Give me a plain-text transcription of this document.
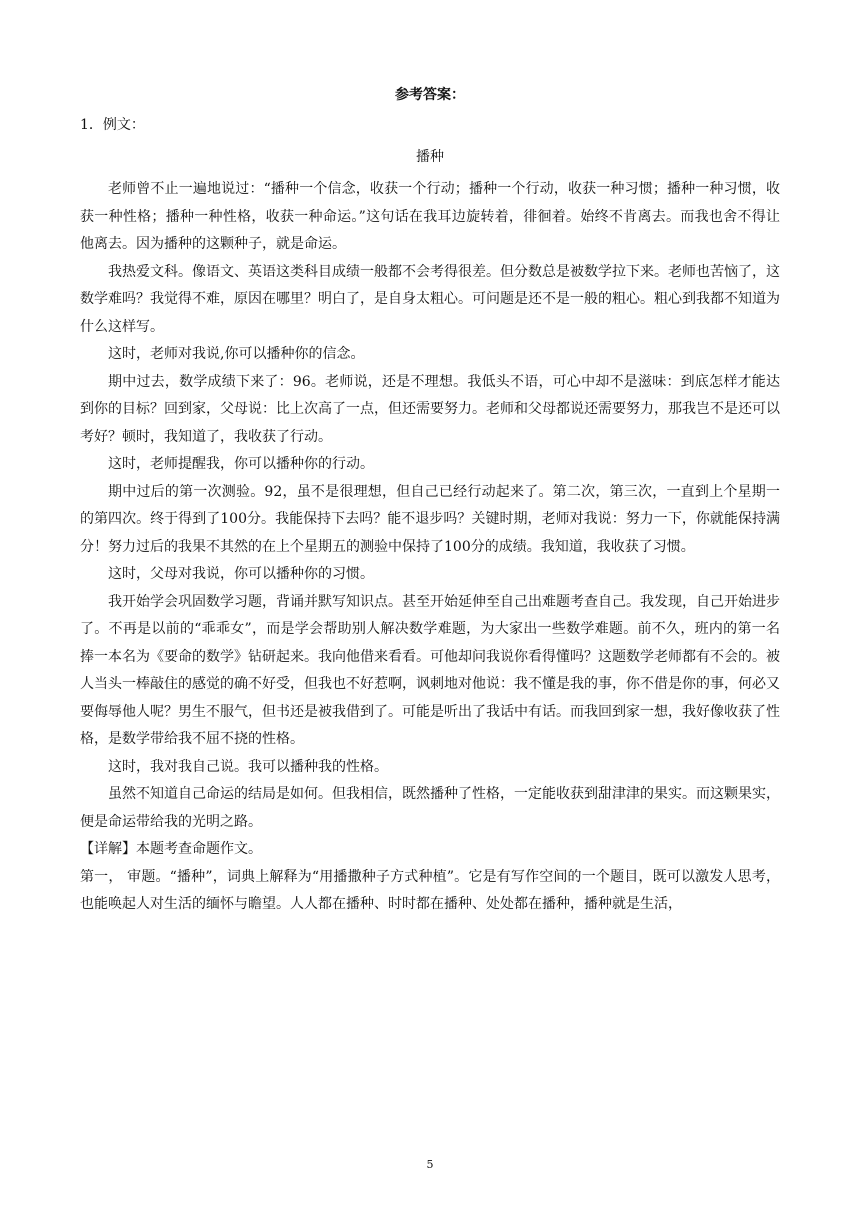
参考答案：
1．例文：
播种

老师曾不止一遍地说过：“播种一个信念，收获一个行动；播种一个行动，收获一种习惯；播种一种习惯，收获一种性格；播种一种性格，收获一种命运。”这句话在我耳边旋转着，徘徊着。始终不肯离去。而我也舍不得让他离去。因为播种的这颗种子，就是命运。

我热爱文科。像语文、英语这类科目成绩一般都不会考得很差。但分数总是被数学拉下来。老师也苦恼了，这数学难吗？我觉得不难，原因在哪里？明白了，是自身太粗心。可问题是还不是一般的粗心。粗心到我都不知道为什么这样写。

这时，老师对我说,你可以播种你的信念。

期中过去，数学成绩下来了：96。老师说，还是不理想。我低头不语，可心中却不是滋味：到底怎样才能达到你的目标？回到家，父母说：比上次高了一点，但还需要努力。老师和父母都说还需要努力，那我岂不是还可以考好？顿时，我知道了，我收获了行动。

这时，老师提醒我，你可以播种你的行动。

期中过后的第一次测验。92，虽不是很理想，但自己已经行动起来了。第二次，第三次，一直到上个星期一的第四次。终于得到了100分。我能保持下去吗？能不退步吗？关键时期，老师对我说：努力一下，你就能保持满分！努力过后的我果不其然的在上个星期五的测验中保持了100分的成绩。我知道，我收获了习惯。

这时，父母对我说，你可以播种你的习惯。

我开始学会巩固数学习题，背诵并默写知识点。甚至开始延伸至自己出难题考查自己。我发现，自己开始进步了。不再是以前的“乖乖女”，而是学会帮助别人解决数学难题，为大家出一些数学难题。前不久，班内的第一名捧一本名为《要命的数学》钻研起来。我向他借来看看。可他却问我说你看得懂吗？这题数学老师都有不会的。被人当头一棒敲住的感觉的确不好受，但我也不好惹啊，讽刺地对他说：我不懂是我的事，你不借是你的事，何必又要侮辱他人呢？男生不服气，但书还是被我借到了。可能是听出了我话中有话。而我回到家一想，我好像收获了性格，是数学带给我不屈不挠的性格。

这时，我对我自己说。我可以播种我的性格。

虽然不知道自己命运的结局是如何。但我相信，既然播种了性格，一定能收获到甜津津的果实。而这颗果实，便是命运带给我的光明之路。

【详解】本题考查命题作文。

第一， 审题。“播种”，词典上解释为“用播撒种子方式种植”。它是有写作空间的一个题目，既可以激发人思考，也能唤起人对生活的缅怀与瞻望。人人都在播种、时时都在播种、处处都在播种，播种就是生活，

5
